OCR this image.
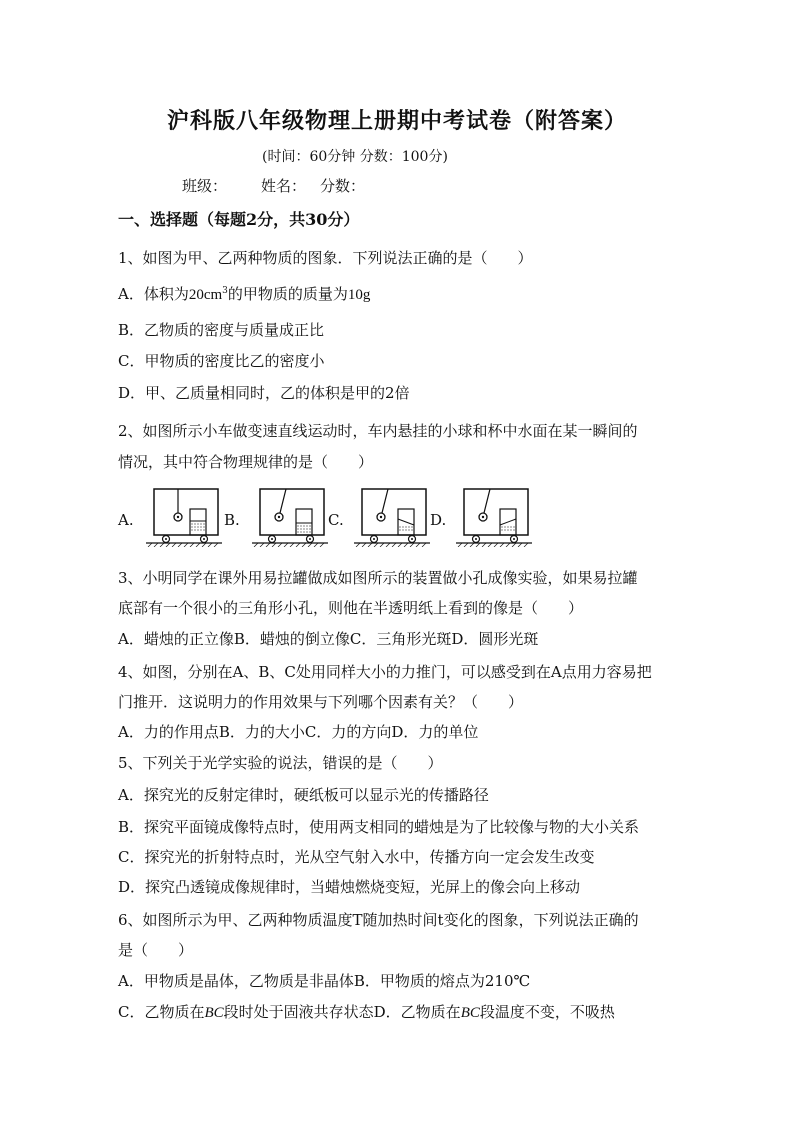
沪科版八年级物理上册期中考试卷（附答案）
(时间：60分钟 分数：100分)
班级： 姓名： 分数：
一、选择题（每题2分，共30分）
1、如图为甲、乙两种物质的图象．下列说法正确的是（　　）
A．体积为$20cm^3$的甲物质的质量为10g
B．乙物质的密度与质量成正比
C．甲物质的密度比乙的密度小
D．甲、乙质量相同时，乙的体积是甲的2倍
2、如图所示小车做变速直线运动时，车内悬挂的小球和杯中水面在某一瞬间的
情况，其中符合物理规律的是（　　）
A.	B.	C.	D.
3、小明同学在课外用易拉罐做成如图所示的装置做小孔成像实验，如果易拉罐
底部有一个很小的三角形小孔，则他在半透明纸上看到的像是（　　）
A．蜡烛的正立像B．蜡烛的倒立像C．三角形光斑D．圆形光斑
4、如图，分别在A、B、C处用同样大小的力推门，可以感受到在A点用力容易把
门推开．这说明力的作用效果与下列哪个因素有关？（　　）
A．力的作用点B．力的大小C．力的方向D．力的单位
5、下列关于光学实验的说法，错误的是（　　）
A．探究光的反射定律时，硬纸板可以显示光的传播路径
B．探究平面镜成像特点时，使用两支相同的蜡烛是为了比较像与物的大小关系
C．探究光的折射特点时，光从空气射入水中，传播方向一定会发生改变
D．探究凸透镜成像规律时，当蜡烛燃烧变短，光屏上的像会向上移动
6、如图所示为甲、乙两种物质温度T随加热时间t变化的图象，下列说法正确的
是（　　）
A．甲物质是晶体，乙物质是非晶体B．甲物质的熔点为210℃
C．乙物质在BC段时处于固液共存状态D．乙物质在BC段温度不变，不吸热
